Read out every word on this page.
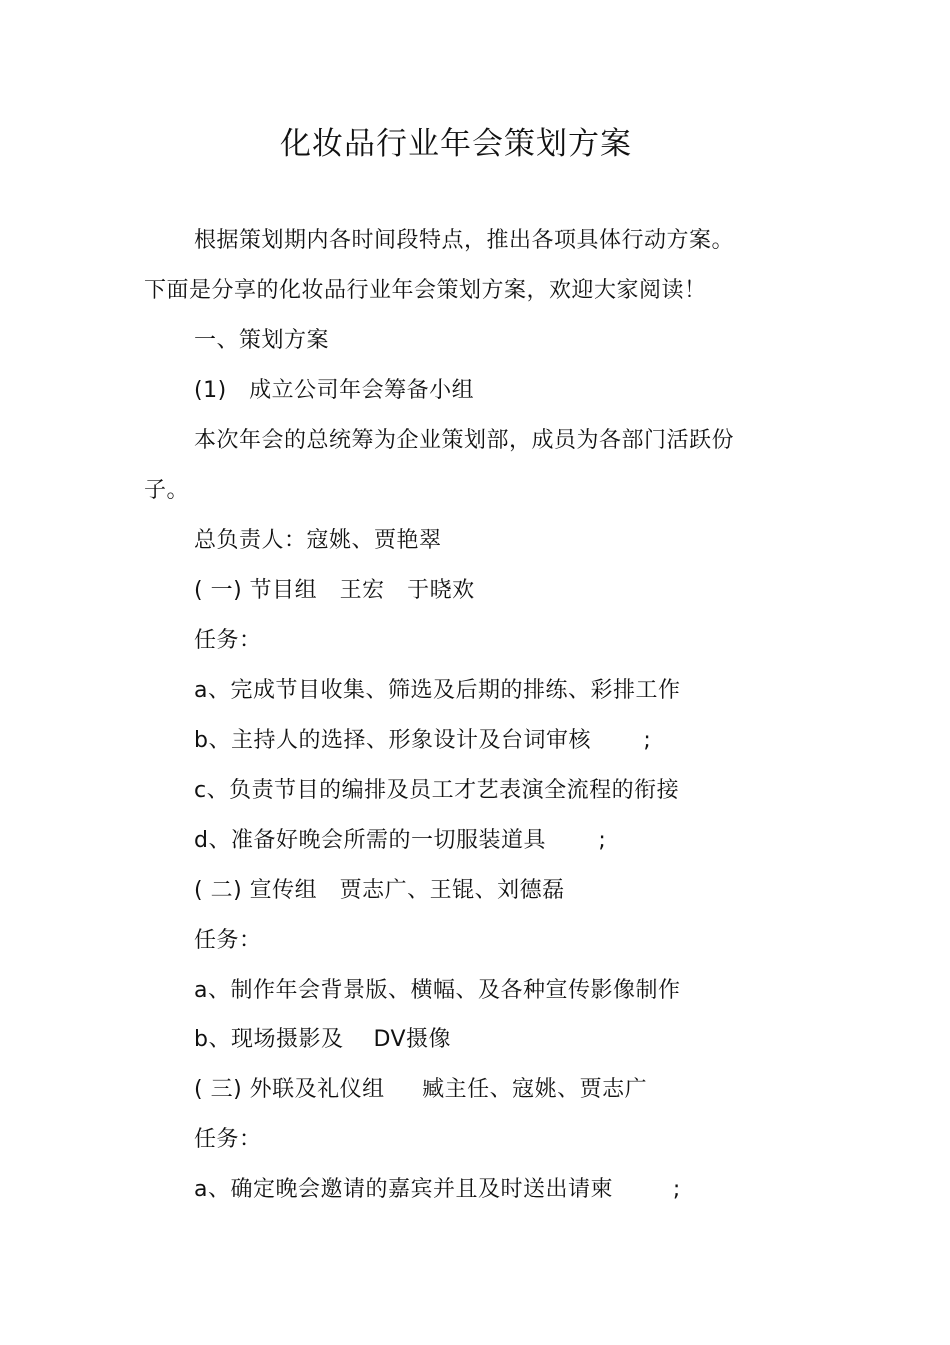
化妆品行业年会策划方案
根据策划期内各时间段特点，推出各项具体行动方案。
下面是分享的化妆品行业年会策划方案，欢迎大家阅读！
一、策划方案
(1)   成立公司年会筹备小组
本次年会的总统筹为企业策划部，成员为各部门活跃份
子。
总负责人：寇姚、贾艳翠
( 一) 节目组   王宏   于晓欢
任务：
a、完成节目收集、筛选及后期的排练、彩排工作
b、主持人的选择、形象设计及台词审核       ;
c、负责节目的编排及员工才艺表演全流程的衔接
d、准备好晚会所需的一切服装道具       ;
( 二) 宣传组   贾志广、王锟、刘德磊
任务：
a、制作年会背景版、横幅、及各种宣传影像制作
b、现场摄影及    DV摄像
( 三) 外联及礼仪组     臧主任、寇姚、贾志广
任务：
a、确定晚会邀请的嘉宾并且及时送出请柬        ;
